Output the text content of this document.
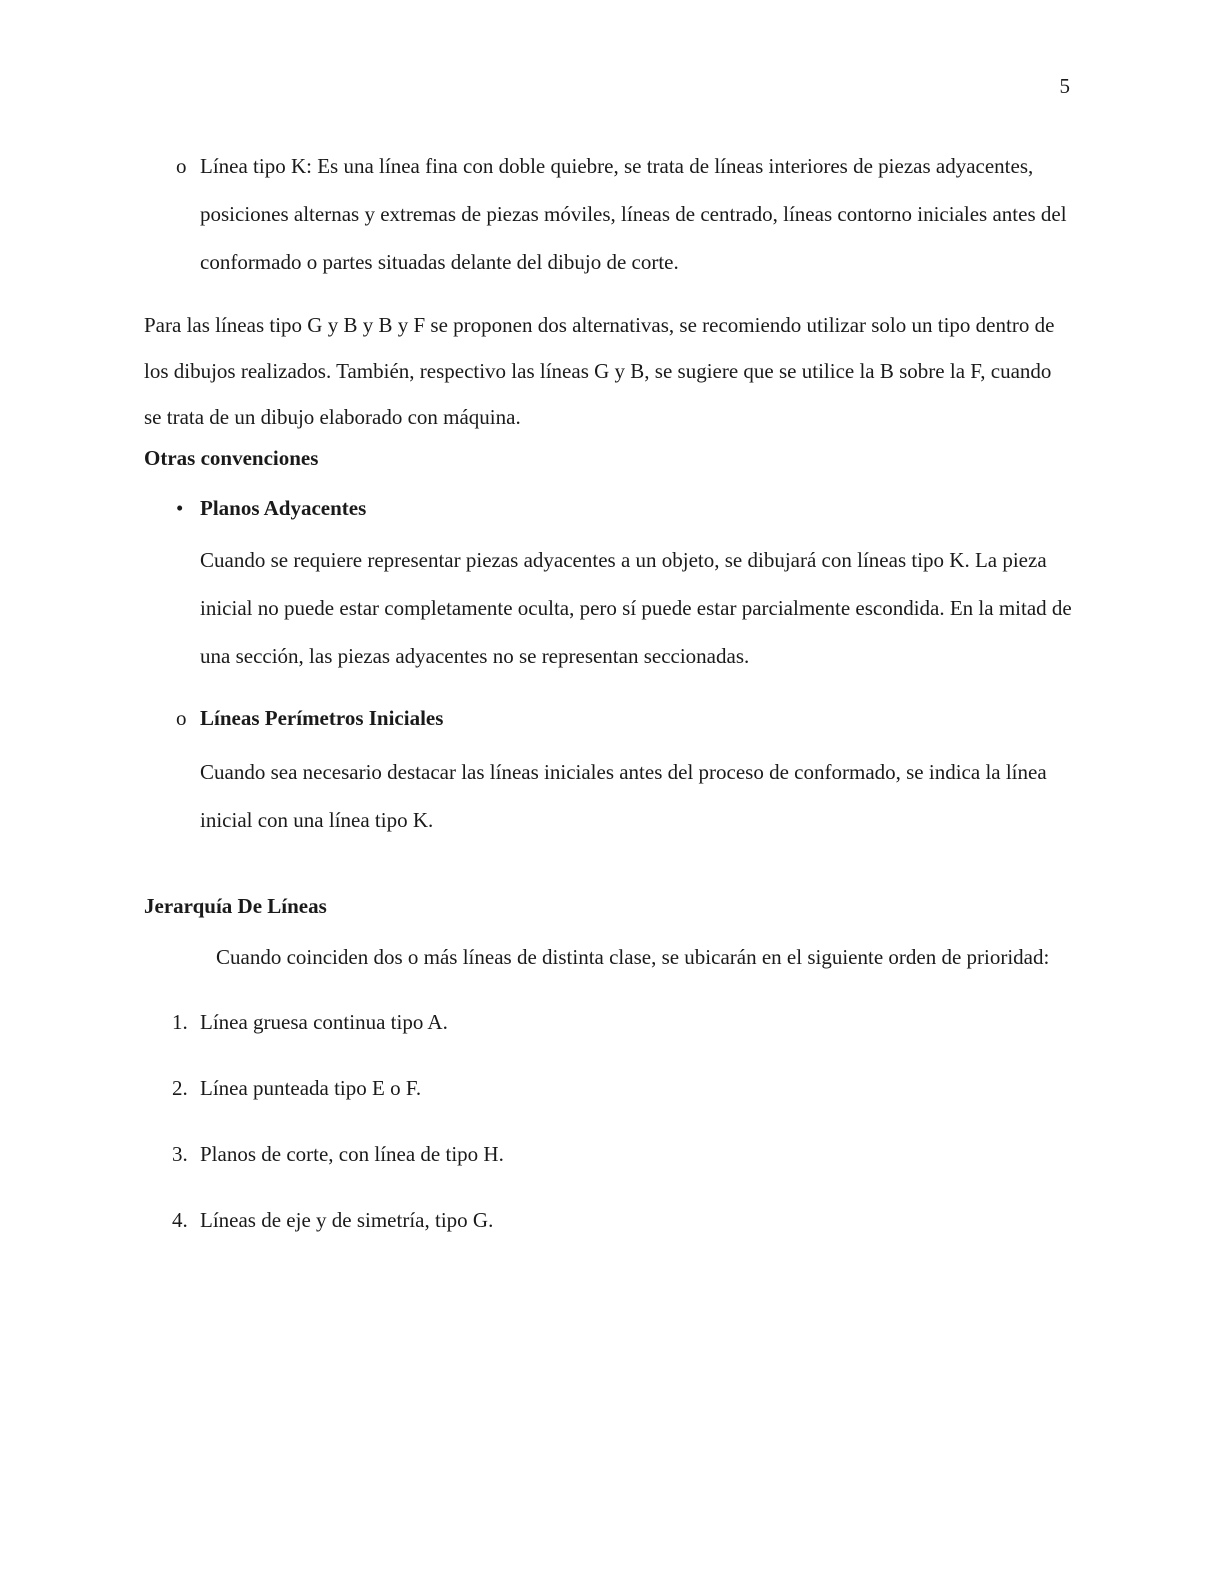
5
o Línea tipo K: Es una línea fina con doble quiebre, se trata de líneas interiores de piezas adyacentes, posiciones alternas y extremas de piezas móviles, líneas de centrado, líneas contorno iniciales antes del conformado o partes situadas delante del dibujo de corte.

Para las líneas tipo G y B y B y F se proponen dos alternativas, se recomiendo utilizar solo un tipo dentro de los dibujos realizados. También, respectivo las líneas G y B, se sugiere que se utilice la B sobre la F, cuando se trata de un dibujo elaborado con máquina.

Otras convenciones

• Planos Adyacentes

Cuando se requiere representar piezas adyacentes a un objeto, se dibujará con líneas tipo K. La pieza inicial no puede estar completamente oculta, pero sí puede estar parcialmente escondida. En la mitad de una sección, las piezas adyacentes no se representan seccionadas.

o Líneas Perímetros Iniciales

Cuando sea necesario destacar las líneas iniciales antes del proceso de conformado, se indica la línea inicial con una línea tipo K.

Jerarquía De Líneas

Cuando coinciden dos o más líneas de distinta clase, se ubicarán en el siguiente orden de prioridad:

1. Línea gruesa continua tipo A.
2. Línea punteada tipo E o F.
3. Planos de corte, con línea de tipo H.
4. Líneas de eje y de simetría, tipo G.
